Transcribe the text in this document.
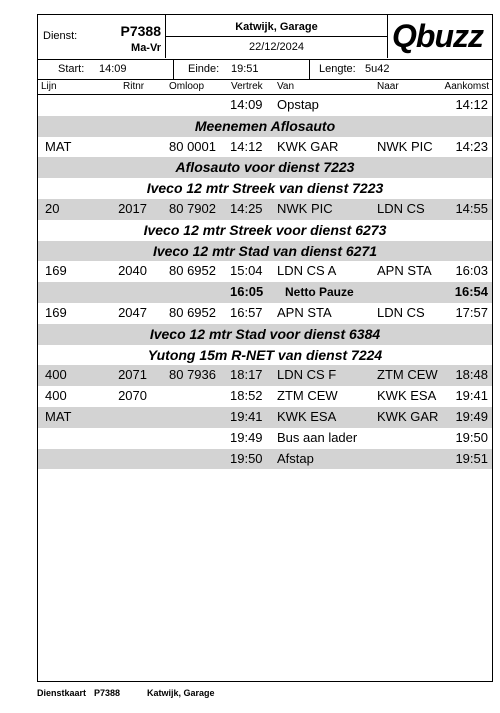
Dienst:	P7388
Ma-Vr
Katwijk, Garage
22/12/2024	Qbuzz
Start: 14:09	Einde: 19:51	Lengte: 5u42
Lijn	Ritnr Omloop	Vertrek Van	Naar	Aankomst
14:09 Opstap	14:12
Meenemen Aflosauto
MAT	80 0001 14:12 KWK GAR	NWK PIC 14:23
Aflosauto voor dienst 7223
Iveco 12 mtr Streek van dienst 7223
20	2017 80 7902 14:25 NWK PIC	LDN CS 14:55
Iveco 12 mtr Streek voor dienst 6273
Iveco 12 mtr Stad van dienst 6271
169	2040 80 6952 15:04 LDN CS A	APN STA 16:03
16:05 Netto Pauze	16:54
169	2047 80 6952 16:57 APN STA	LDN CS 17:57
Iveco 12 mtr Stad voor dienst 6384
Yutong 15m R-NET van dienst 7224
400	2071 80 7936 18:17 LDN CS F	ZTM CEW 18:48
400	2070	18:52 ZTM CEW	KWK ESA 19:41
MAT	19:41 KWK ESA	KWK GAR 19:49
19:49 Bus aan lader	19:50
19:50 Afstap	19:51
Dienstkaart P7388	Katwijk, Garage
